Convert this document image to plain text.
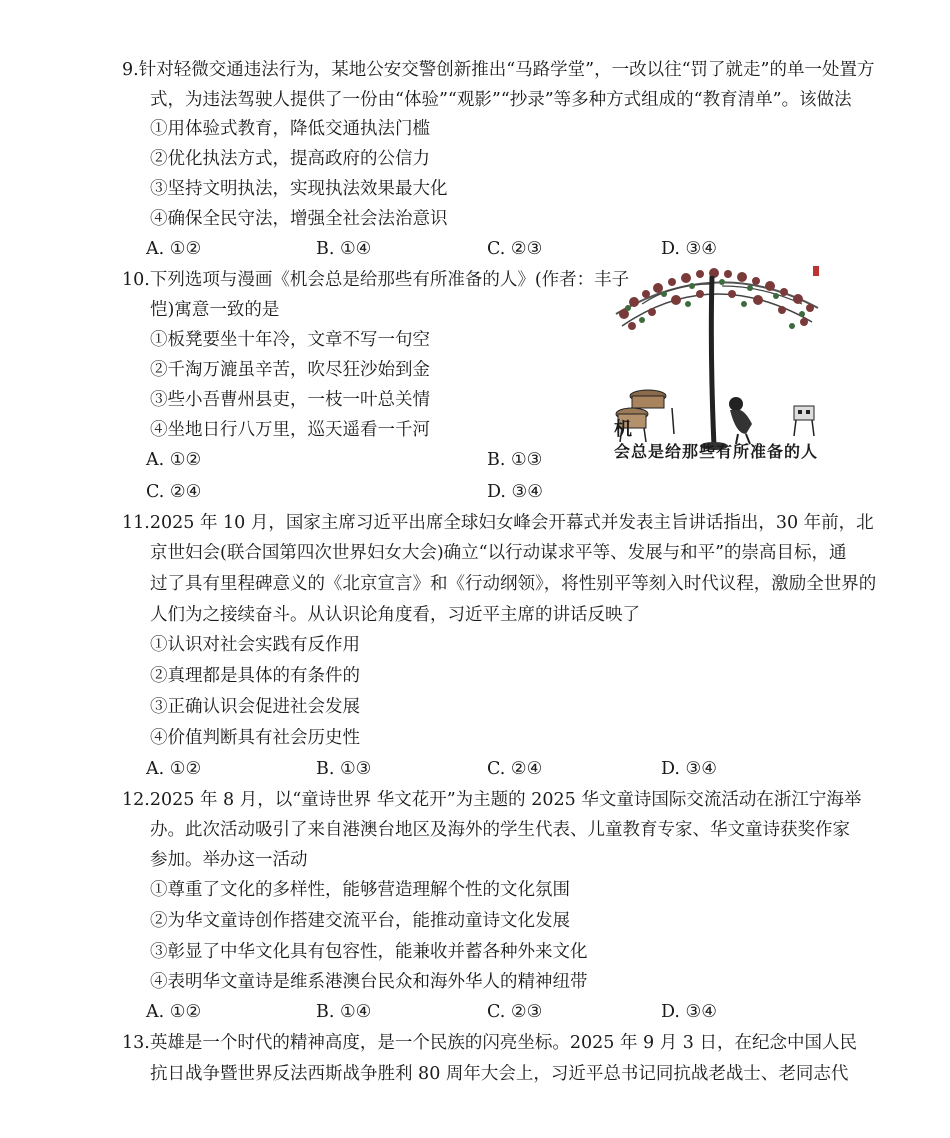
9.针对轻微交通违法行为，某地公安交警创新推出“马路学堂”，一改以往“罚了就走”的单一处置方
式，为违法驾驶人提供了一份由“体验”“观影”“抄录”等多种方式组成的“教育清单”。该做法
①用体验式教育，降低交通执法门槛
②优化执法方式，提高政府的公信力
③坚持文明执法，实现执法效果最大化
④确保全民守法，增强全社会法治意识
A. ①②	B. ①④	C. ②③	D. ③④
10.下列选项与漫画《机会总是给那些有所准备的人》(作者：丰子
恺)寓意一致的是
①板凳要坐十年冷，文章不写一句空
②千淘万漉虽辛苦，吹尽狂沙始到金
③些小吾曹州县吏，一枝一叶总关情
④坐地日行八万里，巡天遥看一千河
A. ①②	B. ①③
C. ②④	D. ③④
机
会总是给那些有所准备的人
11.2025 年 10 月，国家主席习近平出席全球妇女峰会开幕式并发表主旨讲话指出，30 年前，北
京世妇会(联合国第四次世界妇女大会)确立“以行动谋求平等、发展与和平”的崇高目标，通
过了具有里程碑意义的《北京宣言》和《行动纲领》，将性别平等刻入时代议程，激励全世界的
人们为之接续奋斗。从认识论角度看，习近平主席的讲话反映了
①认识对社会实践有反作用
②真理都是具体的有条件的
③正确认识会促进社会发展
④价值判断具有社会历史性
A. ①②	B. ①③	C. ②④	D. ③④
12.2025 年 8 月，以“童诗世界 华文花开”为主题的 2025 华文童诗国际交流活动在浙江宁海举
办。此次活动吸引了来自港澳台地区及海外的学生代表、儿童教育专家、华文童诗获奖作家
参加。举办这一活动
①尊重了文化的多样性，能够营造理解个性的文化氛围
②为华文童诗创作搭建交流平台，能推动童诗文化发展
③彰显了中华文化具有包容性，能兼收并蓄各种外来文化
④表明华文童诗是维系港澳台民众和海外华人的精神纽带
A. ①②	B. ①④	C. ②③	D. ③④
13.英雄是一个时代的精神高度，是一个民族的闪亮坐标。2025 年 9 月 3 日，在纪念中国人民
抗日战争暨世界反法西斯战争胜利 80 周年大会上，习近平总书记同抗战老战士、老同志代
